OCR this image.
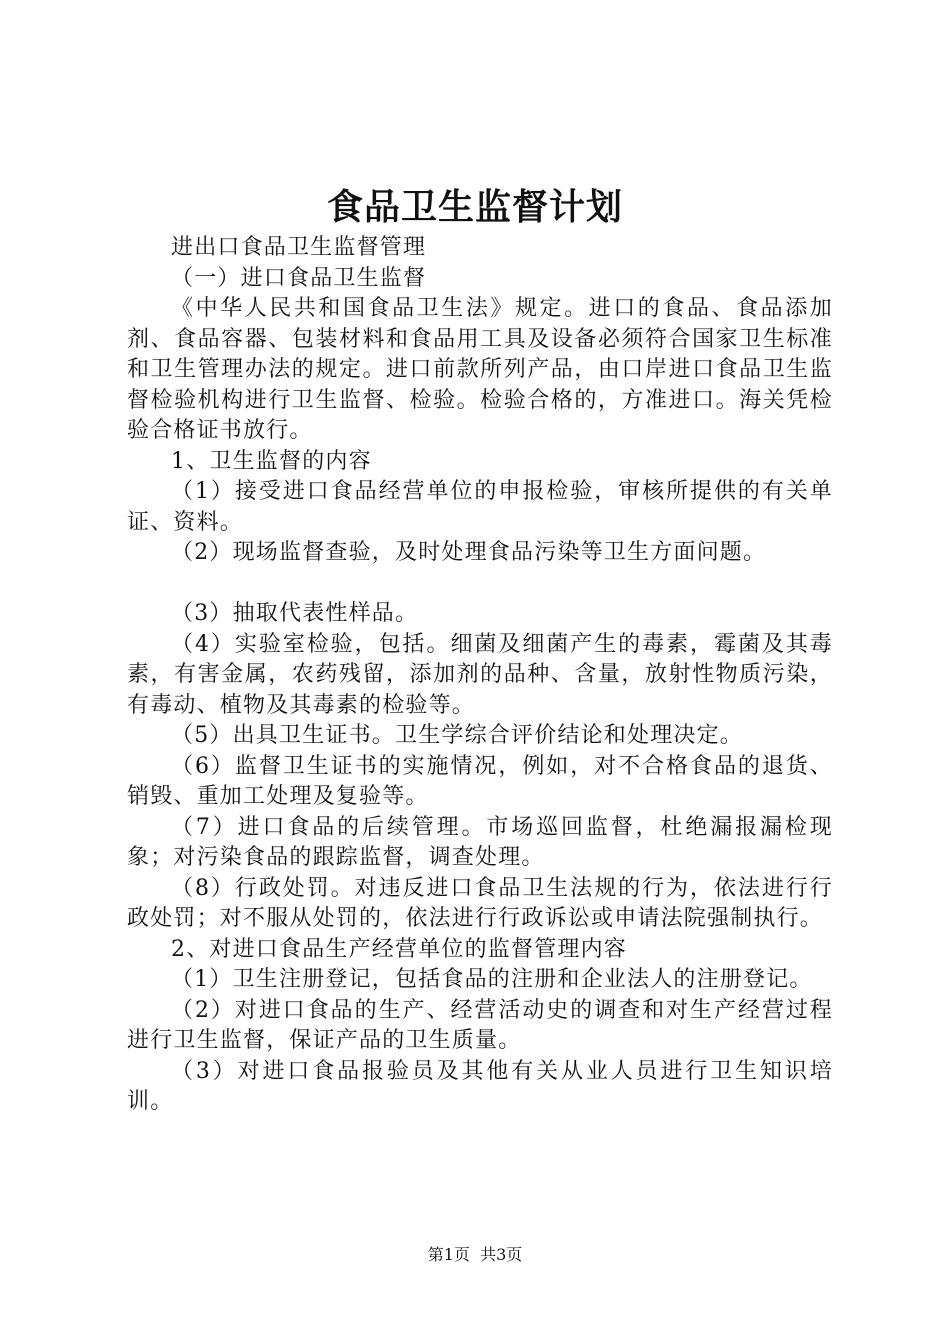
食品卫生监督计划

进出口食品卫生监督管理

（一）进口食品卫生监督

《中华人民共和国食品卫生法》规定。进口的食品、食品添加剂、食品容器、包装材料和食品用工具及设备必须符合国家卫生标准和卫生管理办法的规定。进口前款所列产品，由口岸进口食品卫生监督检验机构进行卫生监督、检验。检验合格的，方准进口。海关凭检验合格证书放行。

1、卫生监督的内容

（1）接受进口食品经营单位的申报检验，审核所提供的有关单证、资料。

（2）现场监督查验，及时处理食品污染等卫生方面问题。

（3）抽取代表性样品。

（4）实验室检验，包括。细菌及细菌产生的毒素，霉菌及其毒素，有害金属，农药残留，添加剂的品种、含量，放射性物质污染，有毒动、植物及其毒素的检验等。

（5）出具卫生证书。卫生学综合评价结论和处理决定。

（6）监督卫生证书的实施情况，例如，对不合格食品的退货、销毁、重加工处理及复验等。

（7）进口食品的后续管理。市场巡回监督，杜绝漏报漏检现象；对污染食品的跟踪监督，调查处理。

（8）行政处罚。对违反进口食品卫生法规的行为，依法进行行政处罚；对不服从处罚的，依法进行行政诉讼或申请法院强制执行。

2、对进口食品生产经营单位的监督管理内容

（1）卫生注册登记，包括食品的注册和企业法人的注册登记。

（2）对进口食品的生产、经营活动史的调查和对生产经营过程进行卫生监督，保证产品的卫生质量。

（3）对进口食品报验员及其他有关从业人员进行卫生知识培训。

第1页  共3页
